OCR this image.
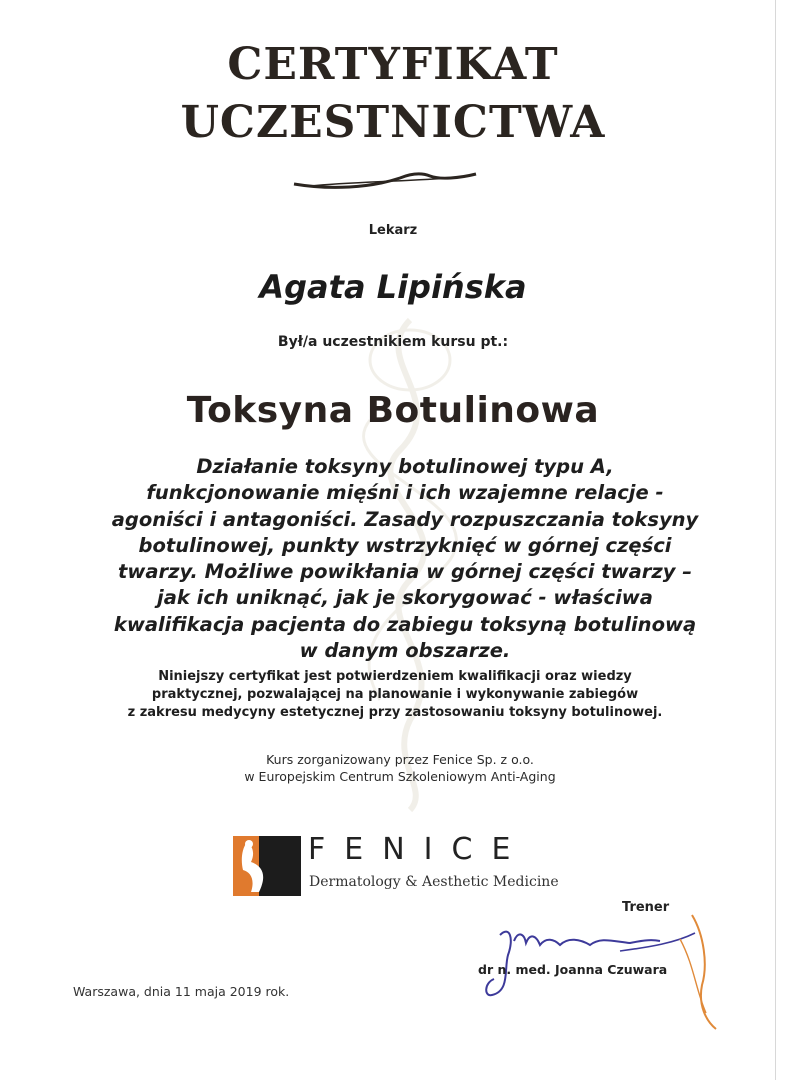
CERTYFIKAT
UCZESTNICTWA
Lekarz
Agata Lipińska
Był/a uczestnikiem kursu pt.:
Toksyna Botulinowa
Działanie toksyny botulinowej typu A,
funkcjonowanie mięśni i ich wzajemne relacje -
agoniści i antagoniści. Zasady rozpuszczania toksyny
botulinowej, punkty wstrzyknięć w górnej części
twarzy. Możliwe powikłania w górnej części twarzy –
jak ich uniknąć, jak je skorygować - właściwa
kwalifikacja pacjenta do zabiegu toksyną botulinową
w danym obszarze.
Niniejszy certyfikat jest potwierdzeniem kwalifikacji oraz wiedzy
praktycznej, pozwalającej na planowanie i wykonywanie zabiegów
z zakresu medycyny estetycznej przy zastosowaniu toksyny botulinowej.
Kurs zorganizowany przez Fenice Sp. z o.o.
w Europejskim Centrum Szkoleniowym Anti-Aging
FENICE
Dermatology & Aesthetic Medicine
Trener
dr n. med. Joanna Czuwara
Warszawa, dnia 11 maja 2019 rok.
